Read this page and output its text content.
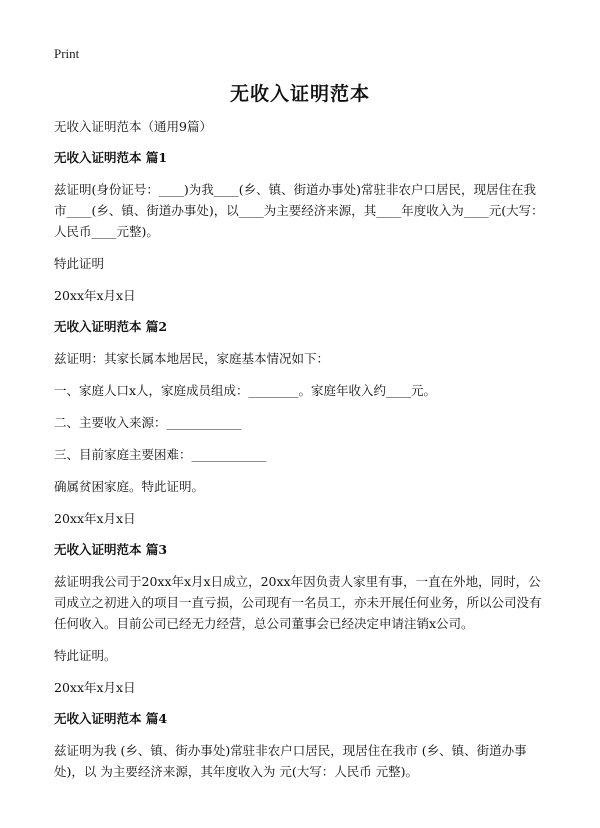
Print
无收入证明范本

无收入证明范本（通用9篇）

无收入证明范本 篇1

兹证明(身份证号：____)为我____(乡、镇、街道办事处)常驻非农户口居民，现居住在我市____(乡、镇、街道办事处)，以____为主要经济来源，其____年度收入为____元(大写：人民币____元整)。

特此证明

20xx年x月x日

无收入证明范本 篇2

兹证明：其家长属本地居民，家庭基本情况如下：

一、家庭人口x人，家庭成员组成：________。家庭年收入约____元。

二、主要收入来源：____________

三、目前家庭主要困难：____________

确属贫困家庭。特此证明。

20xx年x月x日

无收入证明范本 篇3

兹证明我公司于20xx年x月x日成立，20xx年因负责人家里有事，一直在外地，同时，公司成立之初进入的项目一直亏损，公司现有一名员工，亦未开展任何业务，所以公司没有任何收入。目前公司已经无力经营，总公司董事会已经决定申请注销x公司。

特此证明。

20xx年x月x日

无收入证明范本 篇4

兹证明为我 (乡、镇、街办事处)常驻非农户口居民，现居住在我市 (乡、镇、街道办事处)，以 为主要经济来源，其年度收入为 元(大写：人民币 元整)。
